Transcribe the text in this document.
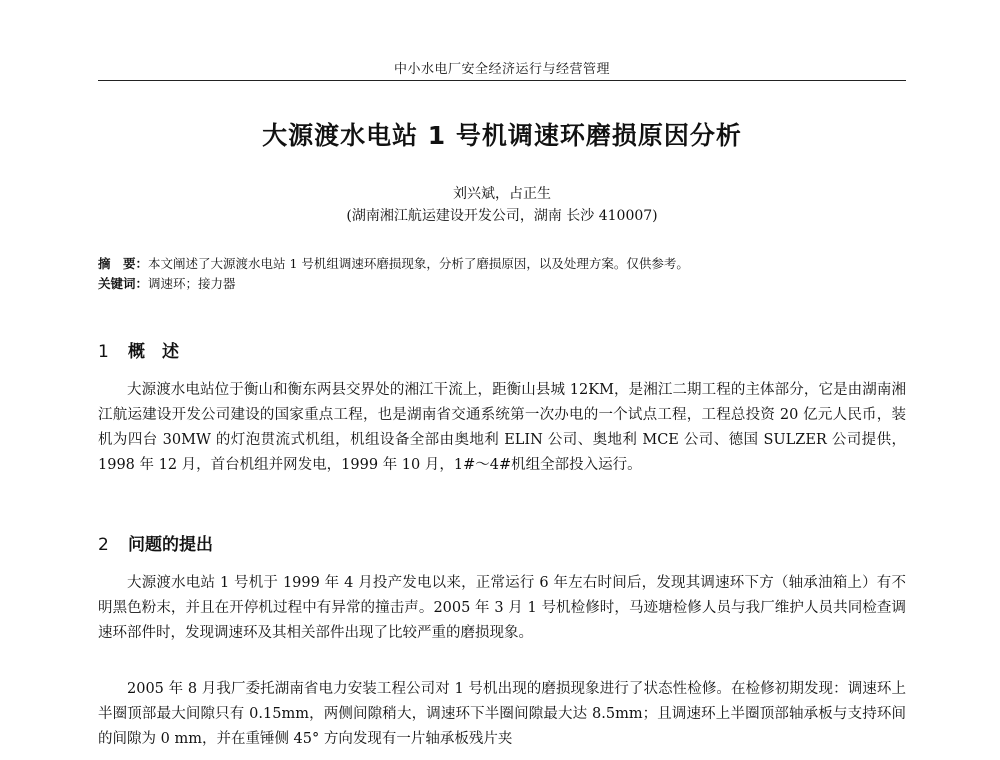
中小水电厂安全经济运行与经营管理
大源渡水电站 1 号机调速环磨损原因分析
刘兴斌，占正生
(湖南湘江航运建设开发公司，湖南 长沙 410007)
摘　要：本文阐述了大源渡水电站 1 号机组调速环磨损现象，分析了磨损原因，以及处理方案。仅供参考。
关键词：调速环；接力器
1 概　述

大源渡水电站位于衡山和衡东两县交界处的湘江干流上，距衡山县城 12KM，是湘江二期工程的主体部分，它是由湖南湘江航运建设开发公司建设的国家重点工程，也是湖南省交通系统第一次办电的一个试点工程，工程总投资 20 亿元人民币，装机为四台 30MW 的灯泡贯流式机组，机组设备全部由奥地利 ELIN 公司、奥地利 MCE 公司、德国 SULZER 公司提供，1998 年 12 月，首台机组并网发电，1999 年 10 月，1#～4#机组全部投入运行。

2 问题的提出

大源渡水电站 1 号机于 1999 年 4 月投产发电以来，正常运行 6 年左右时间后，发现其调速环下方（轴承油箱上）有不明黑色粉末，并且在开停机过程中有异常的撞击声。2005 年 3 月 1 号机检修时，马迹塘检修人员与我厂维护人员共同检查调速环部件时，发现调速环及其相关部件出现了比较严重的磨损现象。

2005 年 8 月我厂委托湖南省电力安装工程公司对 1 号机出现的磨损现象进行了状态性检修。在检修初期发现：调速环上半圈顶部最大间隙只有 0.15mm，两侧间隙稍大，调速环下半圈间隙最大达 8.5mm；且调速环上半圈顶部轴承板与支持环间的间隙为 0 mm，并在重锤侧 45° 方向发现有一片轴承板残片夹
